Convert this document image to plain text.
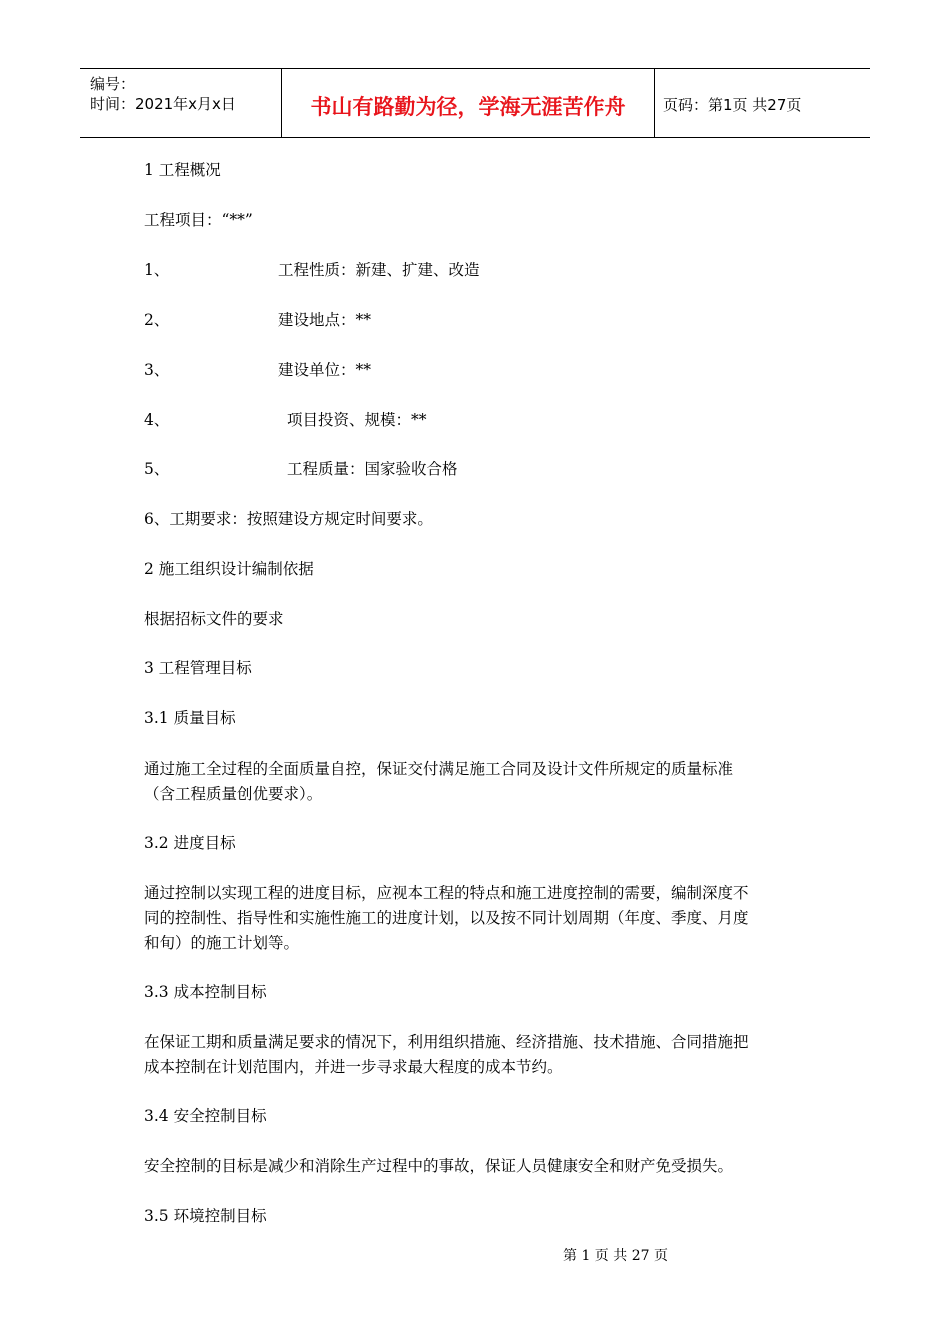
编号：
时间：2021年x月x日	书山有路勤为径，学海无涯苦作舟	页码：第1页 共27页
1 工程概况
工程项目：“**”
1、	工程性质：新建、扩建、改造
2、	建设地点：**
3、	建设单位：**
4、	项目投资、规模：**
5、	工程质量：国家验收合格
6、工期要求：按照建设方规定时间要求。
2 施工组织设计编制依据
根据招标文件的要求
3 工程管理目标
3.1 质量目标
通过施工全过程的全面质量自控，保证交付满足施工合同及设计文件所规定的质量标准
（含工程质量创优要求）。
3.2 进度目标
通过控制以实现工程的进度目标，应视本工程的特点和施工进度控制的需要，编制深度不
同的控制性、指导性和实施性施工的进度计划，以及按不同计划周期（年度、季度、月度
和旬）的施工计划等。
3.3 成本控制目标
在保证工期和质量满足要求的情况下，利用组织措施、经济措施、技术措施、合同措施把
成本控制在计划范围内，并进一步寻求最大程度的成本节约。
3.4 安全控制目标
安全控制的目标是减少和消除生产过程中的事故，保证人员健康安全和财产免受损失。
3.5 环境控制目标
第 1 页 共 27 页
